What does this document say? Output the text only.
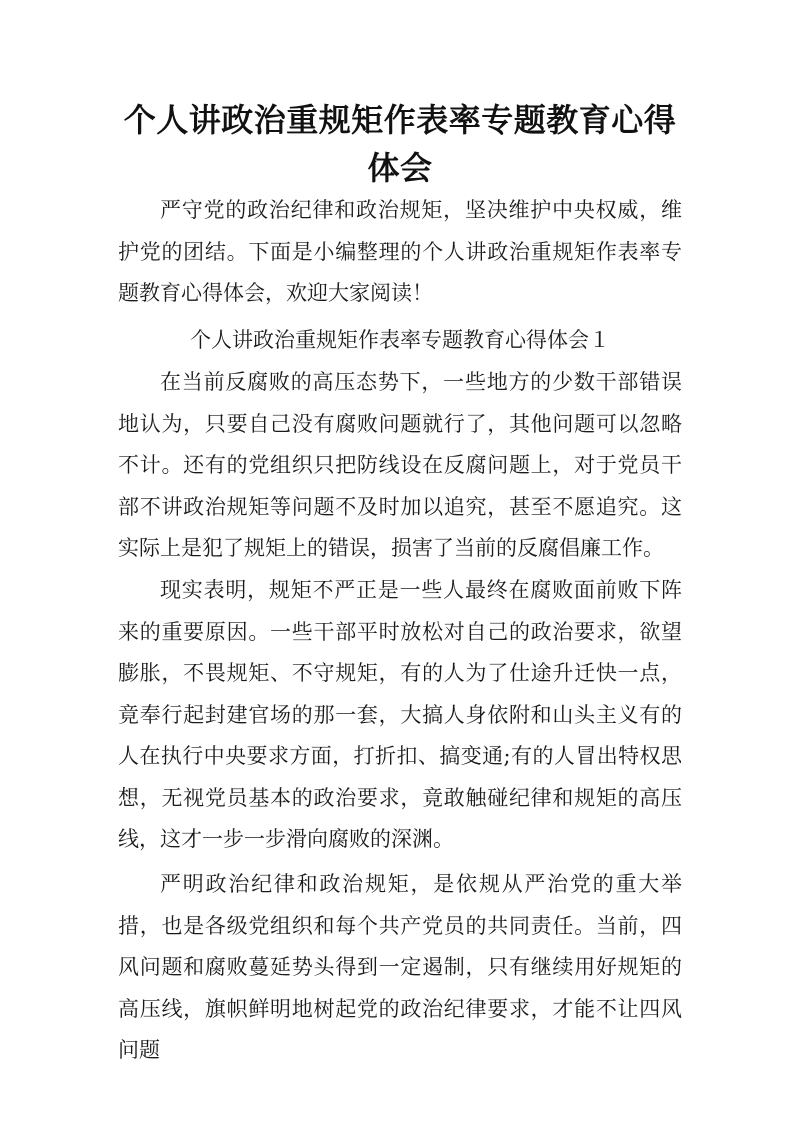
个人讲政治重规矩作表率专题教育心得体会

严守党的政治纪律和政治规矩，坚决维护中央权威，维护党的团结。下面是小编整理的个人讲政治重规矩作表率专题教育心得体会，欢迎大家阅读！

个人讲政治重规矩作表率专题教育心得体会１

在当前反腐败的高压态势下，一些地方的少数干部错误地认为，只要自己没有腐败问题就行了，其他问题可以忽略不计。还有的党组织只把防线设在反腐问题上，对于党员干部不讲政治规矩等问题不及时加以追究，甚至不愿追究。这实际上是犯了规矩上的错误，损害了当前的反腐倡廉工作。

现实表明，规矩不严正是一些人最终在腐败面前败下阵来的重要原因。一些干部平时放松对自己的政治要求，欲望膨胀，不畏规矩、不守规矩，有的人为了仕途升迁快一点，竟奉行起封建官场的那一套，大搞人身依附和山头主义有的人在执行中央要求方面，打折扣、搞变通;有的人冒出特权思想，无视党员基本的政治要求，竟敢触碰纪律和规矩的高压线，这才一步一步滑向腐败的深渊。

严明政治纪律和政治规矩，是依规从严治党的重大举措，也是各级党组织和每个共产党员的共同责任。当前，四风问题和腐败蔓延势头得到一定遏制，只有继续用好规矩的高压线，旗帜鲜明地树起党的政治纪律要求，才能不让四风问题
